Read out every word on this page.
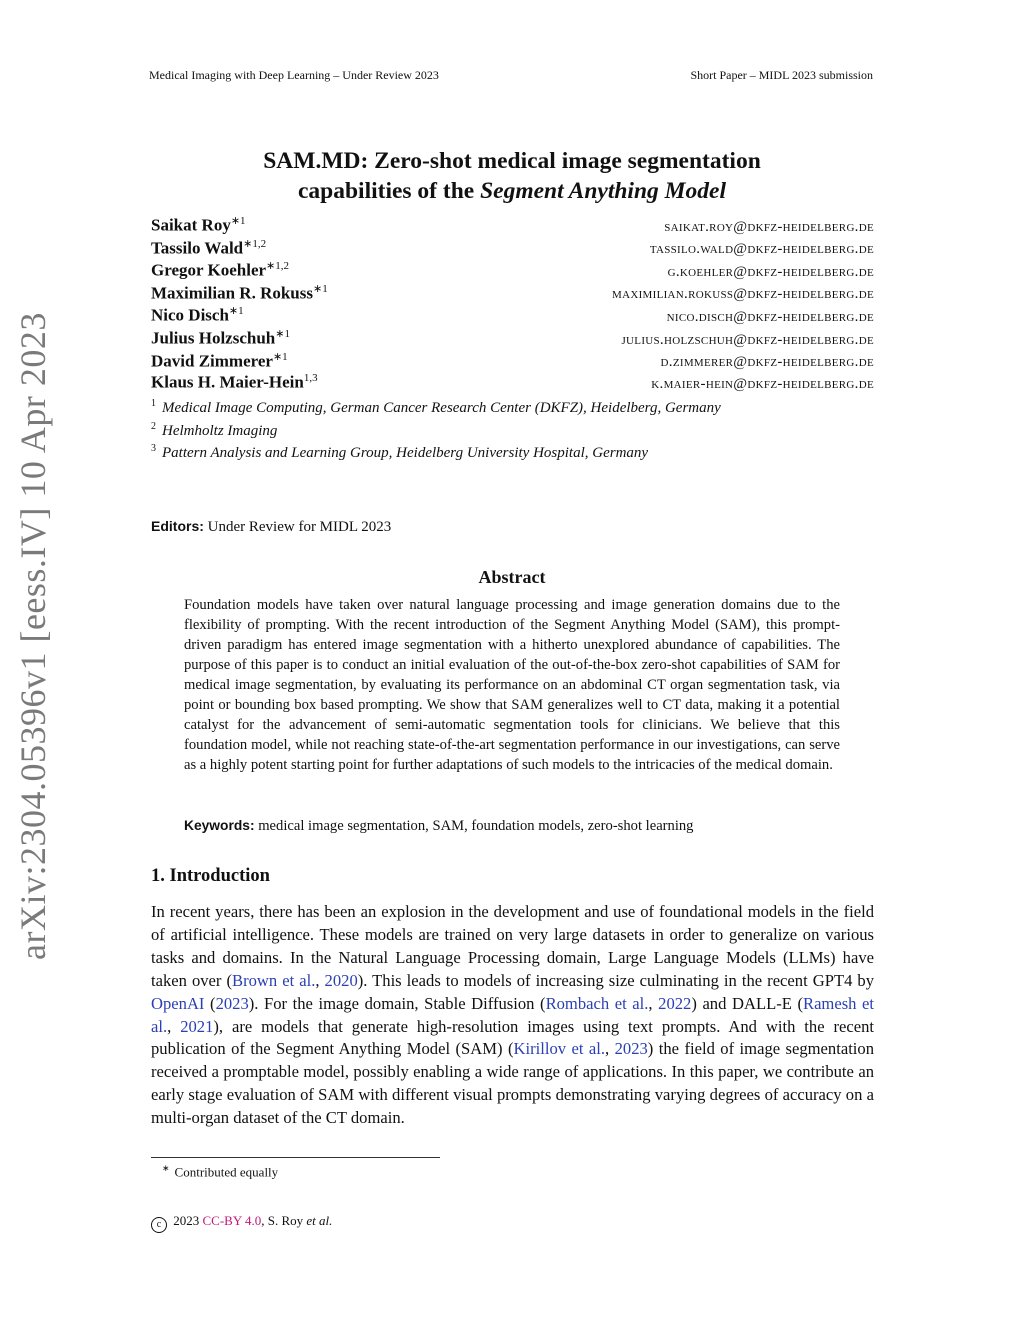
Medical Imaging with Deep Learning – Under Review 2023	Short Paper – MIDL 2023 submission
arXiv:2304.05396v1 [eess.IV] 10 Apr 2023
SAM.MD: Zero-shot medical image segmentation
capabilities of the Segment Anything Model
Saikat Roy$^{∗1}$	saikat.roy@dkfz-heidelberg.de
Tassilo Wald$^{∗1,2}$	tassilo.wald@dkfz-heidelberg.de
Gregor Koehler$^{∗1,2}$	g.koehler@dkfz-heidelberg.de
Maximilian R. Rokuss$^{∗1}$	maximilian.rokuss@dkfz-heidelberg.de
Nico Disch$^{∗1}$	nico.disch@dkfz-heidelberg.de
Julius Holzschuh$^{∗1}$	julius.holzschuh@dkfz-heidelberg.de
David Zimmerer$^{∗1}$	d.zimmerer@dkfz-heidelberg.de
Klaus H. Maier-Hein$^{1,3}$	k.maier-hein@dkfz-heidelberg.de
$^1$ Medical Image Computing, German Cancer Research Center (DKFZ), Heidelberg, Germany
$^2$ Helmholtz Imaging
$^3$ Pattern Analysis and Learning Group, Heidelberg University Hospital, Germany
Editors: Under Review for MIDL 2023
Abstract
Foundation models have taken over natural language processing and image generation domains due to the flexibility of prompting. With the recent introduction of the Segment Anything Model (SAM), this prompt-driven paradigm has entered image segmentation with a hitherto unexplored abundance of capabilities. The purpose of this paper is to conduct an initial evaluation of the out-of-the-box zero-shot capabilities of SAM for medical image segmentation, by evaluating its performance on an abdominal CT organ segmentation task, via point or bounding box based prompting. We show that SAM generalizes well to CT data, making it a potential catalyst for the advancement of semi-automatic segmentation tools for clinicians. We believe that this foundation model, while not reaching state-of-the-art segmentation performance in our investigations, can serve as a highly potent starting point for further adaptations of such models to the intricacies of the medical domain.
Keywords: medical image segmentation, SAM, foundation models, zero-shot learning
1. Introduction
In recent years, there has been an explosion in the development and use of foundational models in the field of artificial intelligence. These models are trained on very large datasets in order to generalize on various tasks and domains. In the Natural Language Processing domain, Large Language Models (LLMs) have taken over (Brown et al., 2020). This leads to models of increasing size culminating in the recent GPT4 by OpenAI (2023). For the image domain, Stable Diffusion (Rombach et al., 2022) and DALL-E (Ramesh et al., 2021), are models that generate high-resolution images using text prompts. And with the recent publication of the Segment Anything Model (SAM) (Kirillov et al., 2023) the field of image segmentation received a promptable model, possibly enabling a wide range of applications. In this paper, we contribute an early stage evaluation of SAM with different visual prompts demonstrating varying degrees of accuracy on a multi-organ dataset of the CT domain.
∗ Contributed equally
c 2023 CC-BY 4.0, S. Roy et al.
